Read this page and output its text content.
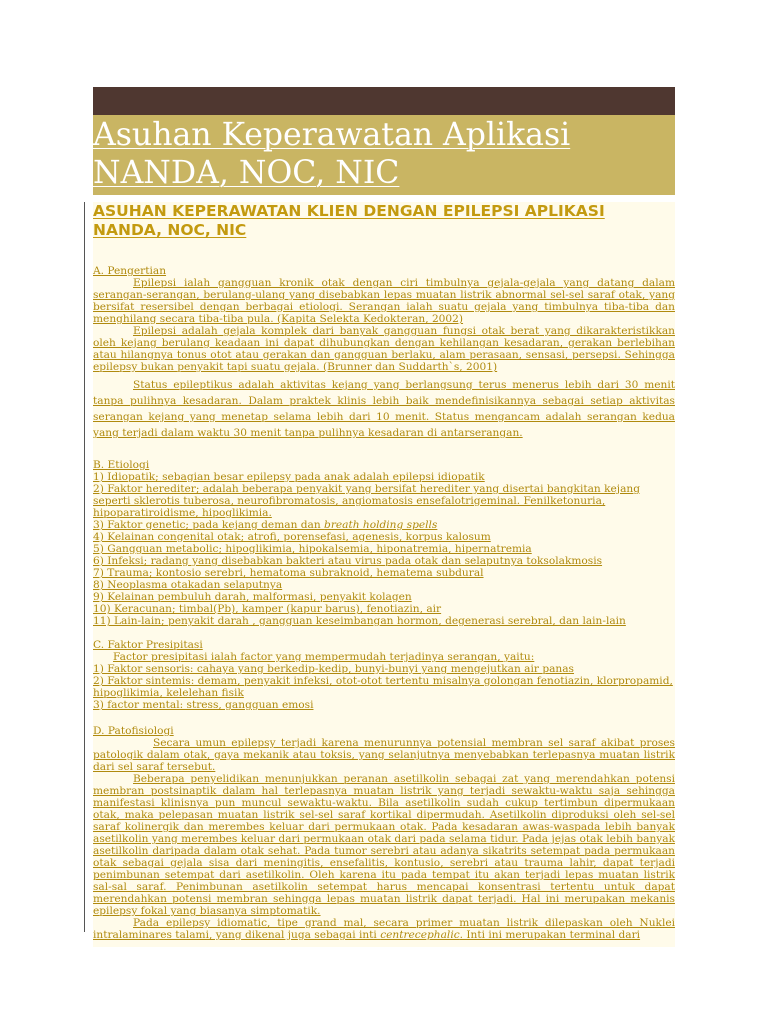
Asuhan Keperawatan Aplikasi NANDA, NOC, NIC
ASUHAN KEPERAWATAN KLIEN DENGAN EPILEPSI APLIKASI NANDA, NOC, NIC

A. Pengertian

Epilepsi ialah gangguan kronik otak dengan ciri timbulnya gejala-gejala yang datang dalam serangan-serangan, berulang-ulang yang disebabkan lepas muatan listrik abnormal sel-sel saraf otak, yang bersifat resersibel dengan berbagai etiologi. Serangan ialah suatu gejala yang timbulnya tiba-tiba dan menghilang secara tiba-tiba pula. (Kapita Selekta Kedokteran, 2002)

Epilepsi adalah gejala komplek dari banyak gangguan fungsi otak berat yang dikarakteristikkan oleh kejang berulang keadaan ini dapat dihubungkan dengan kehilangan kesadaran, gerakan berlebihan atau hilangnya tonus otot atau gerakan dan gangguan berlaku, alam perasaan, sensasi, persepsi. Sehingga epilepsy bukan penyakit tapi suatu gejala. (Brunner dan Suddarth`s, 2001)

Status epileptikus adalah aktivitas kejang yang berlangsung terus menerus lebih dari 30 menit tanpa pulihnya kesadaran. Dalam praktek klinis lebih baik mendefinisikannya sebagai setiap aktivitas serangan kejang yang menetap selama lebih dari 10 menit. Status mengancam adalah serangan kedua yang terjadi dalam waktu 30 menit tanpa pulihnya kesadaran di antarserangan.

B. Etiologi

1) Idiopatik; sebagian besar epilepsy pada anak adalah epilepsi idiopatik

2) Faktor herediter; adalah beberapa penyakit yang bersifat herediter yang disertai bangkitan kejang seperti sklerotis tuberosa, neurofibromatosis, angiomatosis ensefalotrigeminal. Fenilketonuria, hipoparatiroidisme, hipoglikimia.

3) Faktor genetic; pada kejang deman dan breath holding spells

4) Kelainan congenital otak; atrofi, porensefasi, agenesis, korpus kalosum

5) Gangguan metabolic; hipoglikimia, hipokalsemia, hiponatremia, hipernatremia

6) Infeksi; radang yang disebabkan bakteri atau virus pada otak dan selaputnya toksolakmosis

7) Trauma; kontosio serebri, hematoma subraknoid, hematema subdural

8) Neoplasma otakadan selaputnya

9) Kelainan pembuluh darah, malformasi, penyakit kolagen

10) Keracunan; timbal(Pb), kamper (kapur barus), fenotiazin, air

11) Lain-lain; penyakit darah , gangguan keseimbangan hormon, degenerasi serebral, dan lain-lain

C. Faktor Presipitasi

Factor presipitasi ialah factor yang mempermudah terjadinya serangan, yaitu:

1) Faktor sensoris: cahaya yang berkedip-kedip, bunyi-bunyi yang mengejutkan air panas

2) Faktor sintemis: demam, penyakit infeksi, otot-otot tertentu misalnya golongan fenotiazin, klorpropamid, hipoglikimia, kelelehan fisik

3) factor mental: stress, gangguan emosi

D. Patofisiologi

Secara umun epilepsy terjadi karena menurunnya potensial membran sel saraf akibat proses patologik dalam otak, gaya mekanik atau toksis, yang selanjutnya menyebabkan terlepasnya muatan listrik dari sel saraf tersebut.

Beberapa penyelidikan menunjukkan peranan asetilkolin sebagai zat yang merendahkan potensi membran postsinaptik dalam hal terlepasnya muatan listrik yang terjadi sewaktu-waktu saja sehingga manifestasi klinisnya pun muncul sewaktu-waktu. Bila asetilkolin sudah cukup tertimbun dipermukaan otak, maka pelepasan muatan listrik sel-sel saraf kortikal dipermudah. Asetilkolin diproduksi oleh sel-sel saraf kolinergik dan merembes keluar dari permukaan otak. Pada kesadaran awas-waspada lebih banyak asetilkolin yang merembes keluar dari permukaan otak dari pada selama tidur. Pada jejas otak lebih banyak asetilkolin daripada dalam otak sehat. Pada tumor serebri atau adanya sikatrits setempat pada permukaan otak sebagai gejala sisa dari meningitis, ensefalitis, kontusio, serebri atau trauma lahir, dapat terjadi penimbunan setempat dari asetilkolin. Oleh karena itu pada tempat itu akan terjadi lepas muatan listrik sal-sal saraf. Penimbunan asetilkolin setempat harus mencapai konsentrasi tertentu untuk dapat merendahkan potensi membran sehingga lepas muatan listrik dapat terjadi. Hal ini merupakan mekanis epilepsy fokal yang biasanya simptomatik.

Pada epilepsy idiomatic, tipe grand mal, secara primer muatan listrik dilepaskan oleh Nuklei intralaminares talami, yang dikenal juga sebagai inti centrecephalic. Inti ini merupakan terminal dari
